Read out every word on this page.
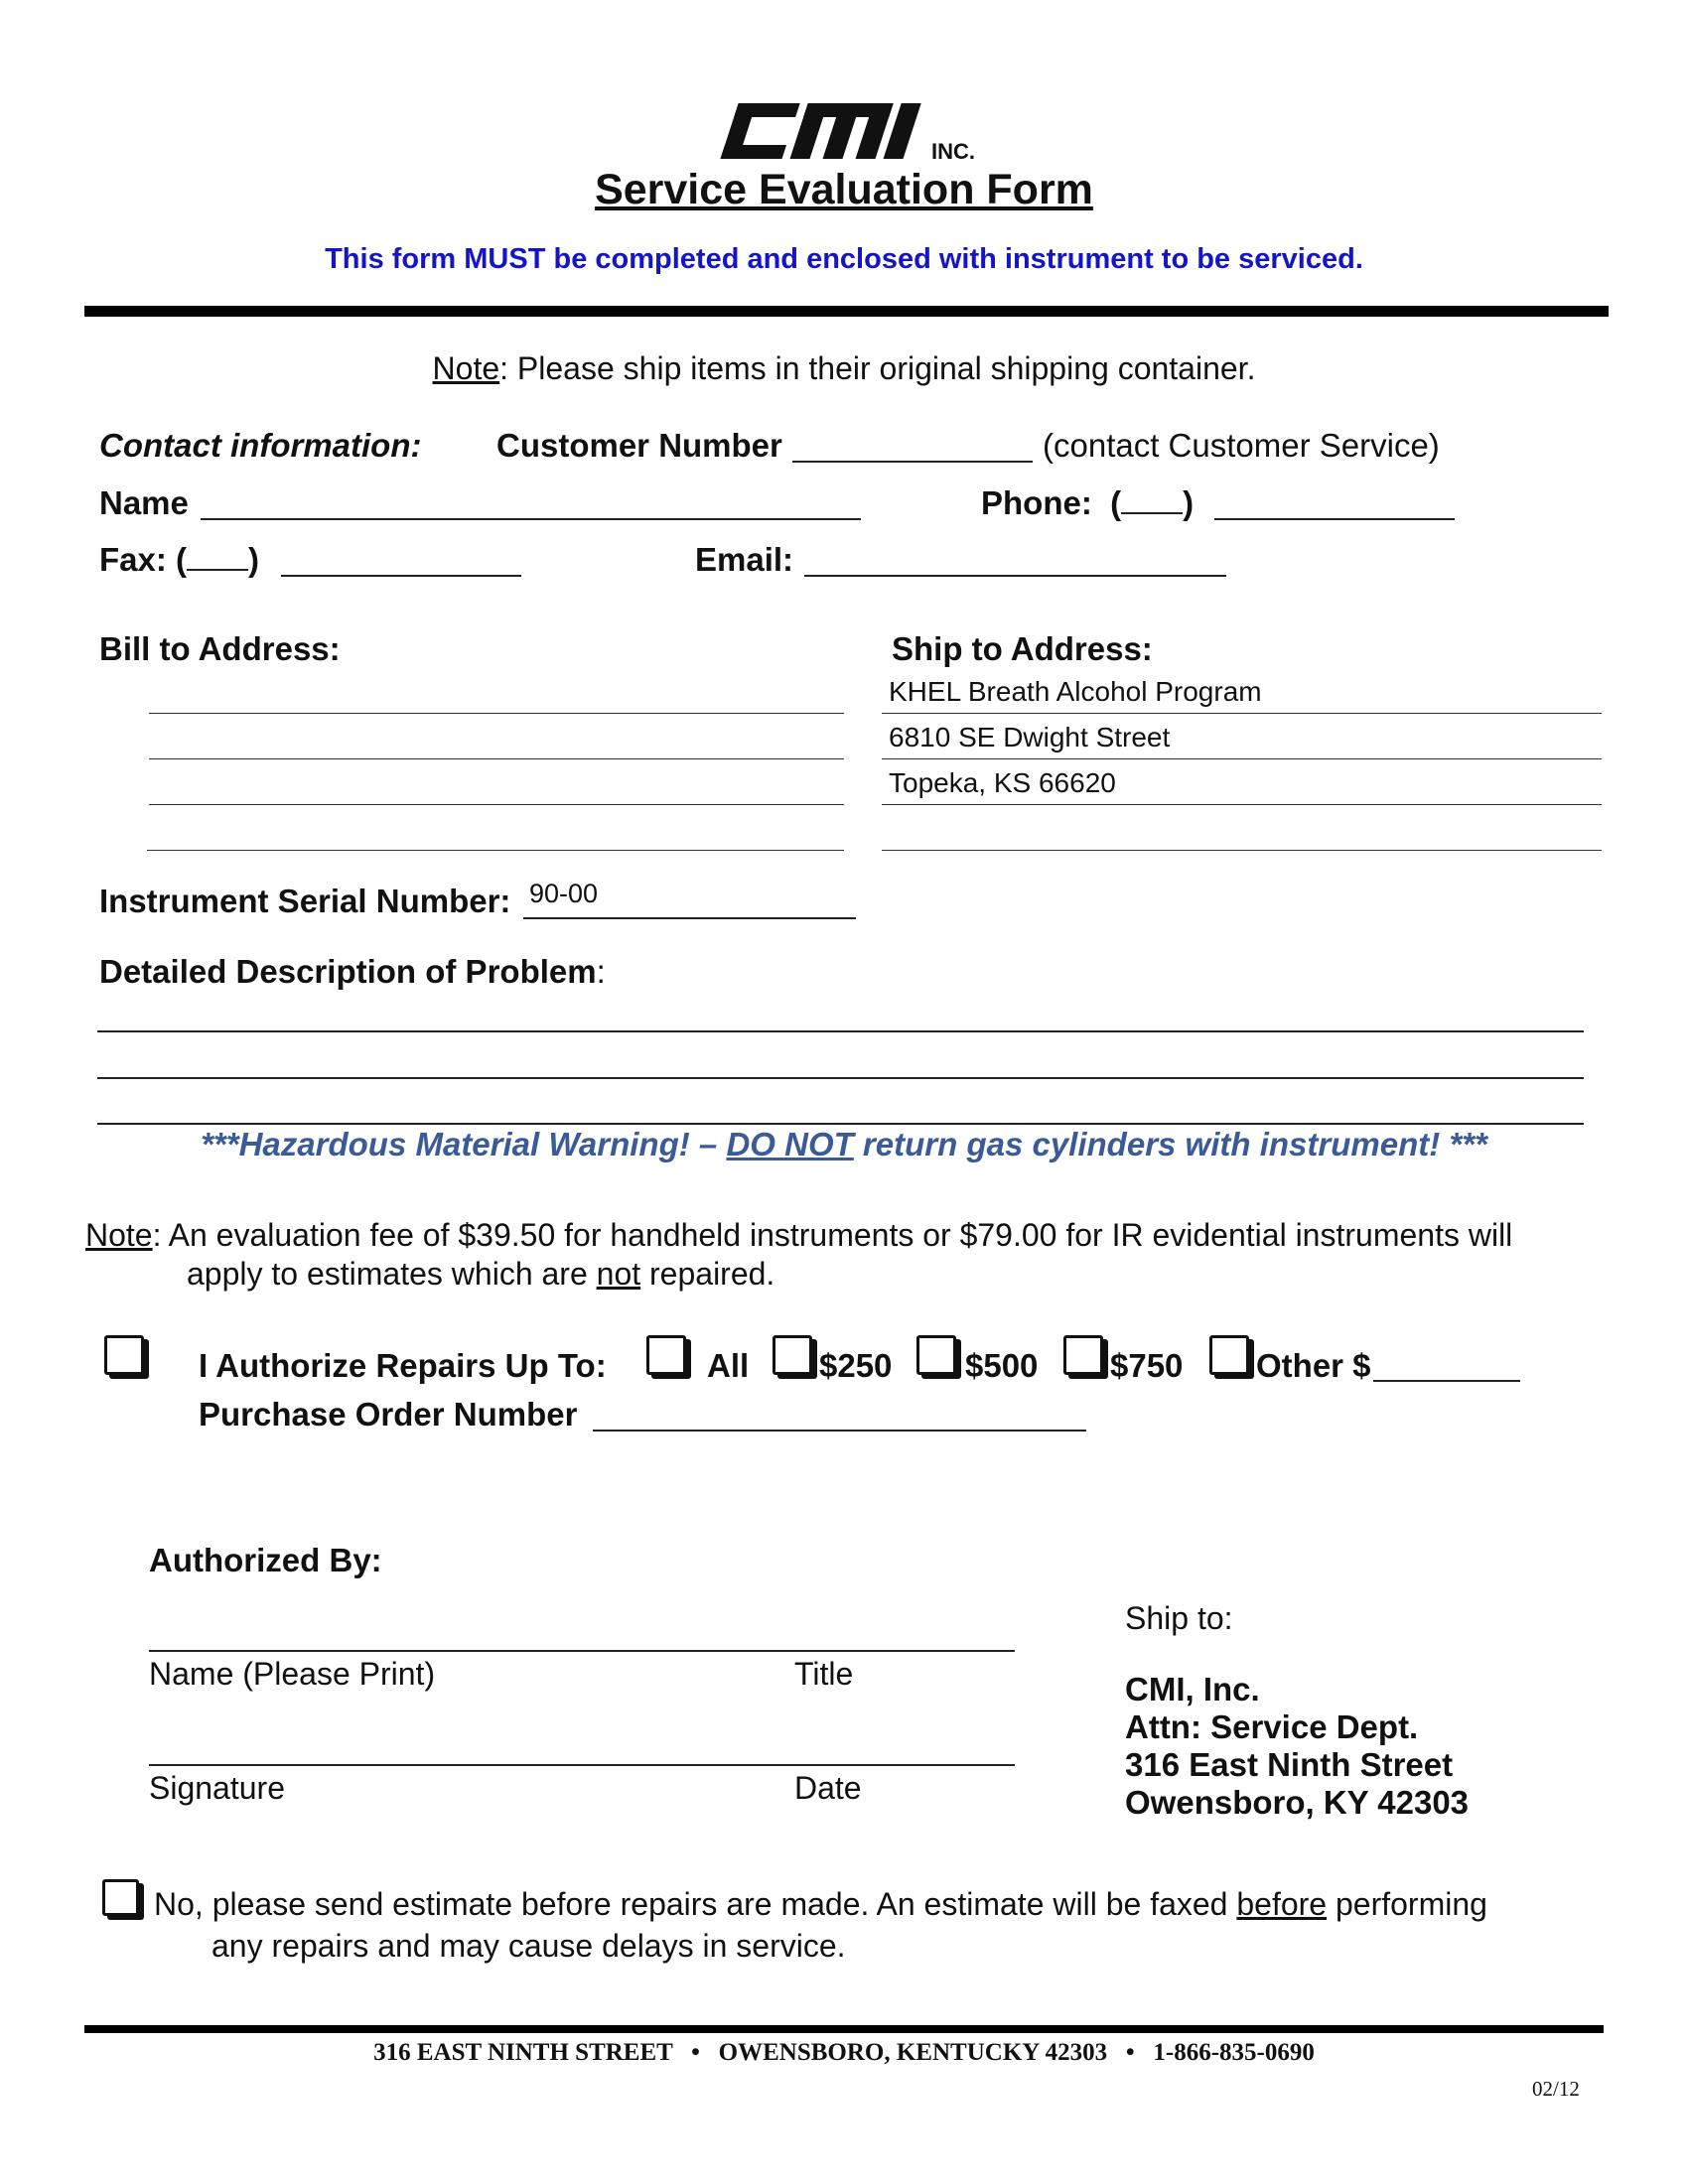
INC.
Service Evaluation Form
This form MUST be completed and enclosed with instrument to be serviced.
Note: Please ship items in their original shipping container.
Contact information: Customer Number	(contact Customer Service)
Name	Phone: ( )
Fax: ( )	Email:
Bill to Address:	Ship to Address:
KHEL Breath Alcohol Program
6810 SE Dwight Street
Topeka, KS 66620
Instrument Serial Number: 90-00
Detailed Description of Problem:
***Hazardous Material Warning! – DO NOT return gas cylinders with instrument! ***
Note: An evaluation fee of $39.50 for handheld instruments or $79.00 for IR evidential instruments will
apply to estimates which are not repaired.
I Authorize Repairs Up To:	All $250 $500 $750 Other $
Purchase Order Number
Authorized By:
Name (Please Print)	Title
Signature	Date
Ship to:
CMI, Inc.
Attn: Service Dept.
316 East Ninth Street
Owensboro, KY 42303
No, please send estimate before repairs are made. An estimate will be faxed before performing
any repairs and may cause delays in service.
316 EAST NINTH STREET • OWENSBORO, KENTUCKY 42303 • 1-866-835-0690
02/12
